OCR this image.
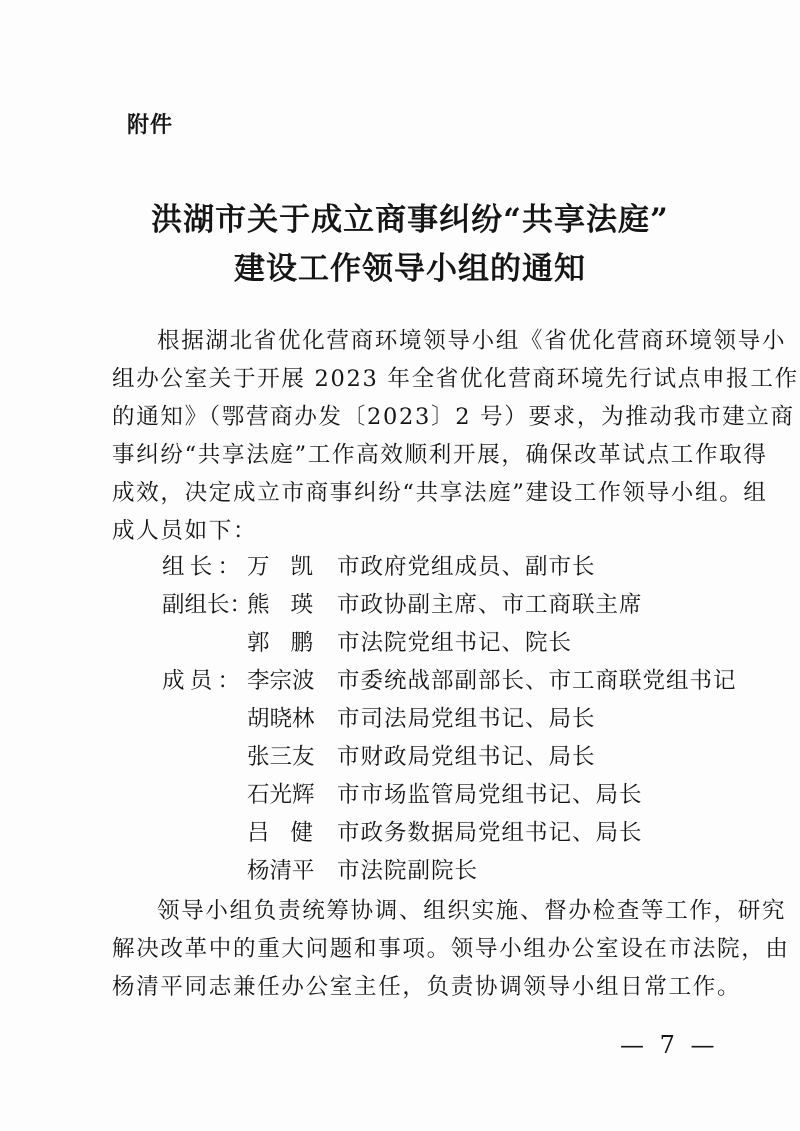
附件
洪湖市关于成立商事纠纷“共享法庭”
建设工作领导小组的通知
根据湖北省优化营商环境领导小组《省优化营商环境领导小
组办公室关于开展 2023 年全省优化营商环境先行试点申报工作
的通知》（鄂营商办发〔2023〕2 号）要求，为推动我市建立商
事纠纷“共享法庭”工作高效顺利开展，确保改革试点工作取得
成效，决定成立市商事纠纷“共享法庭”建设工作领导小组。组
成人员如下：
组长： 万凯 市政府党组成员、副市长
副组长：
熊瑛 市政协副主席、市工商联主席
郭鹏 市法院党组书记、院长
成员： 李宗波 市委统战部副部长、市工商联党组书记
胡晓林 市司法局党组书记、局长
张三友 市财政局党组书记、局长
石光辉 市市场监管局党组书记、局长
吕健 市政务数据局党组书记、局长
杨清平 市法院副院长
领导小组负责统筹协调、组织实施、督办检查等工作，研究
解决改革中的重大问题和事项。领导小组办公室设在市法院，由
杨清平同志兼任办公室主任，负责协调领导小组日常工作。
— 7 —
